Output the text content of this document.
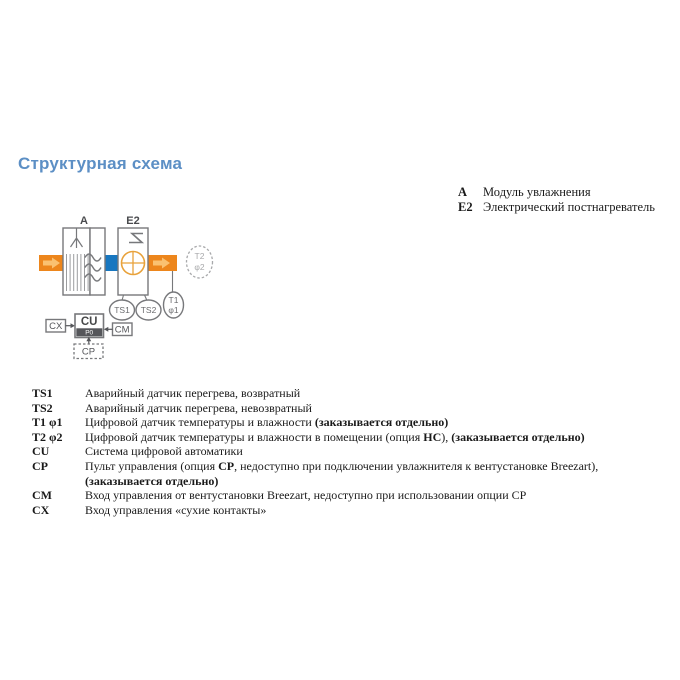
Структурная схема
A	Модуль увлажнения
E2 Электрический постнагреватель
A	E2
TS1 TS2
T1
φ1
T2
φ2
CX CU
P0 CM
CP
TS1	Аварийный датчик перегрева, возвратный
TS2	Аварийный датчик перегрева, невозвратный
T1 φ1	Цифровой датчик температуры и влажности (заказывается отдельно)
T2 φ2	Цифровой датчик температуры и влажности в помещении (опция НС), (заказывается отдельно)
CU	Система цифровой автоматики
CP	Пульт управления (опция CP, недоступно при подключении увлажнителя к вентустановке Breezart),
(заказывается отдельно)
CM	Вход управления от вентустановки Breezart, недоступно при использовании опции CP
CX	Вход управления «сухие контакты»
